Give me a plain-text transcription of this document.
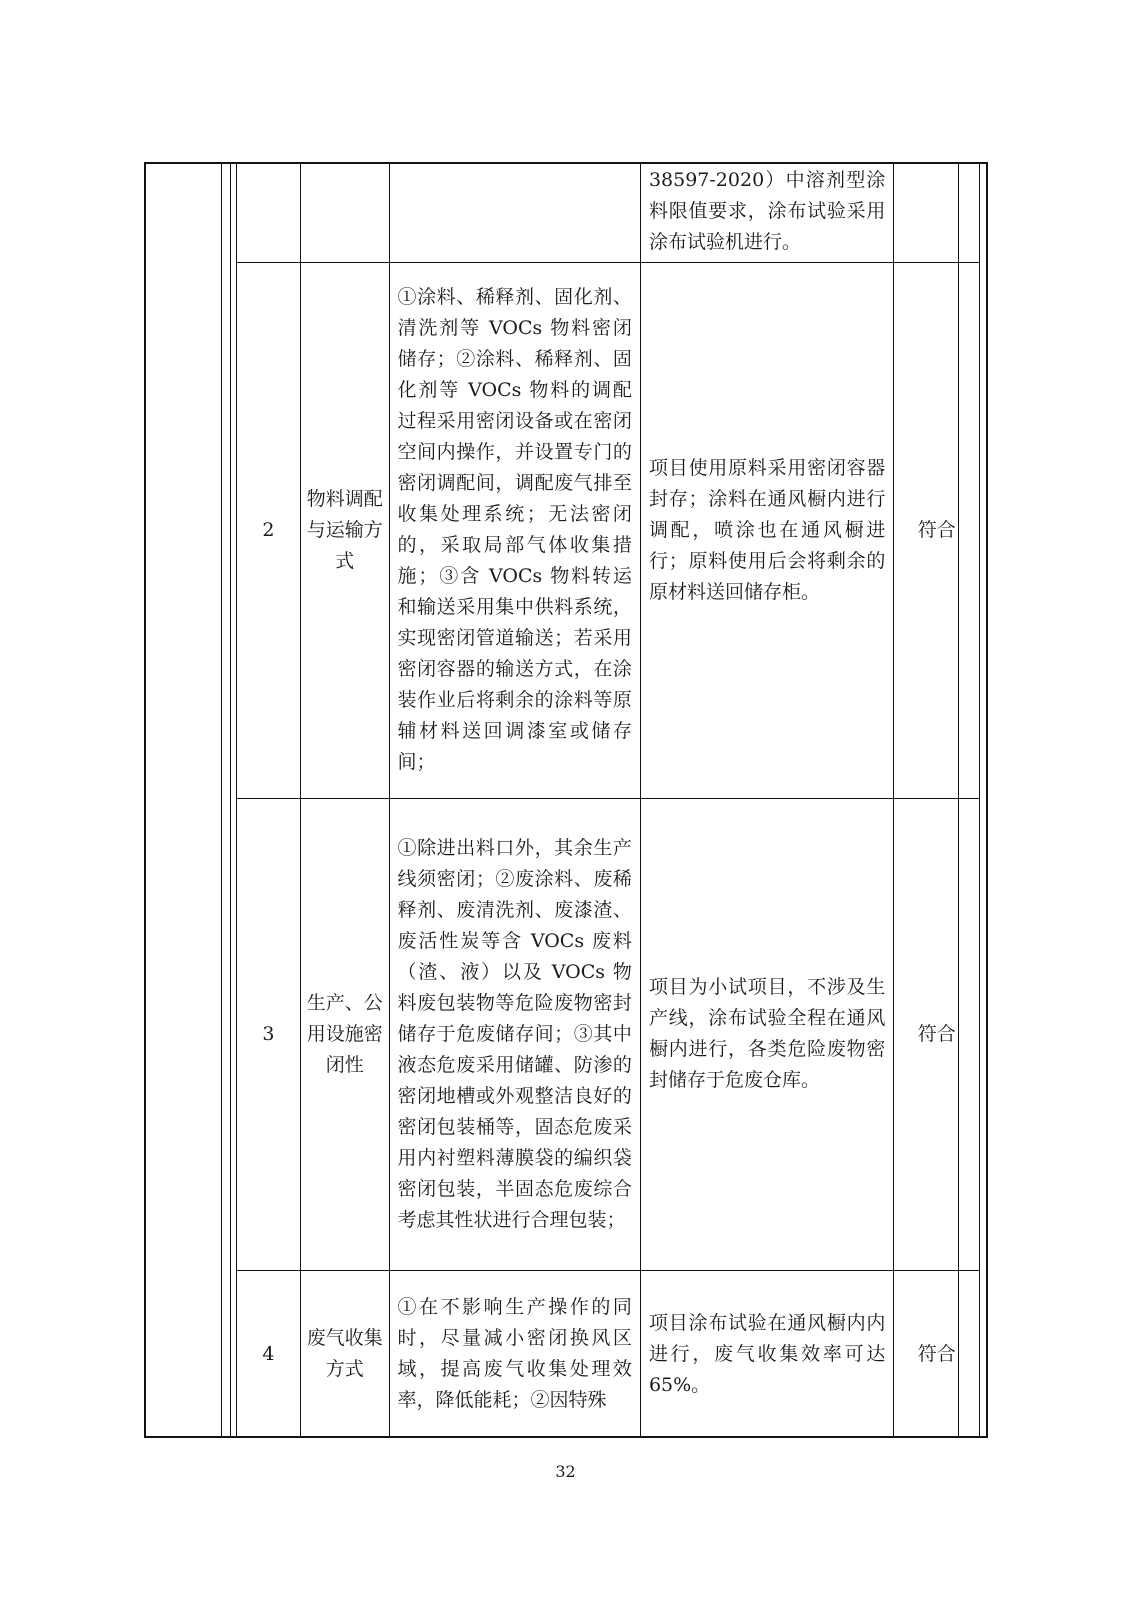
			38597-2020）中溶剂型涂料限值要求，涂布试验采用涂布试验机进行。	
2	物料调配与运输方式	①涂料、稀释剂、固化剂、清洗剂等 VOCs 物料密闭储存；②涂料、稀释剂、固化剂等 VOCs 物料的调配过程采用密闭设备或在密闭空间内操作，并设置专门的密闭调配间，调配废气排至收集处理系统；无法密闭的，采取局部气体收集措施；③含 VOCs 物料转运和输送采用集中供料系统，实现密闭管道输送；若采用密闭容器的输送方式，在涂装作业后将剩余的涂料等原辅材料送回调漆室或储存间；	项目使用原料采用密闭容器封存；涂料在通风橱内进行调配，喷涂也在通风橱进行；原料使用后会将剩余的原材料送回储存柜。	符合
3	生产、公用设施密闭性	①除进出料口外，其余生产线须密闭；②废涂料、废稀释剂、废清洗剂、废漆渣、废活性炭等含 VOCs 废料（渣、液）以及 VOCs 物料废包装物等危险废物密封储存于危废储存间；③其中液态危废采用储罐、防渗的密闭地槽或外观整洁良好的密闭包装桶等，固态危废采用内衬塑料薄膜袋的编织袋密闭包装，半固态危废综合考虑其性状进行合理包装；	项目为小试项目，不涉及生产线，涂布试验全程在通风橱内进行，各类危险废物密封储存于危废仓库。	符合
4	废气收集方式	①在不影响生产操作的同时，尽量减小密闭换风区域，提高废气收集处理效率，降低能耗；②因特殊	项目涂布试验在通风橱内内进行，废气收集效率可达65%。	符合
32
